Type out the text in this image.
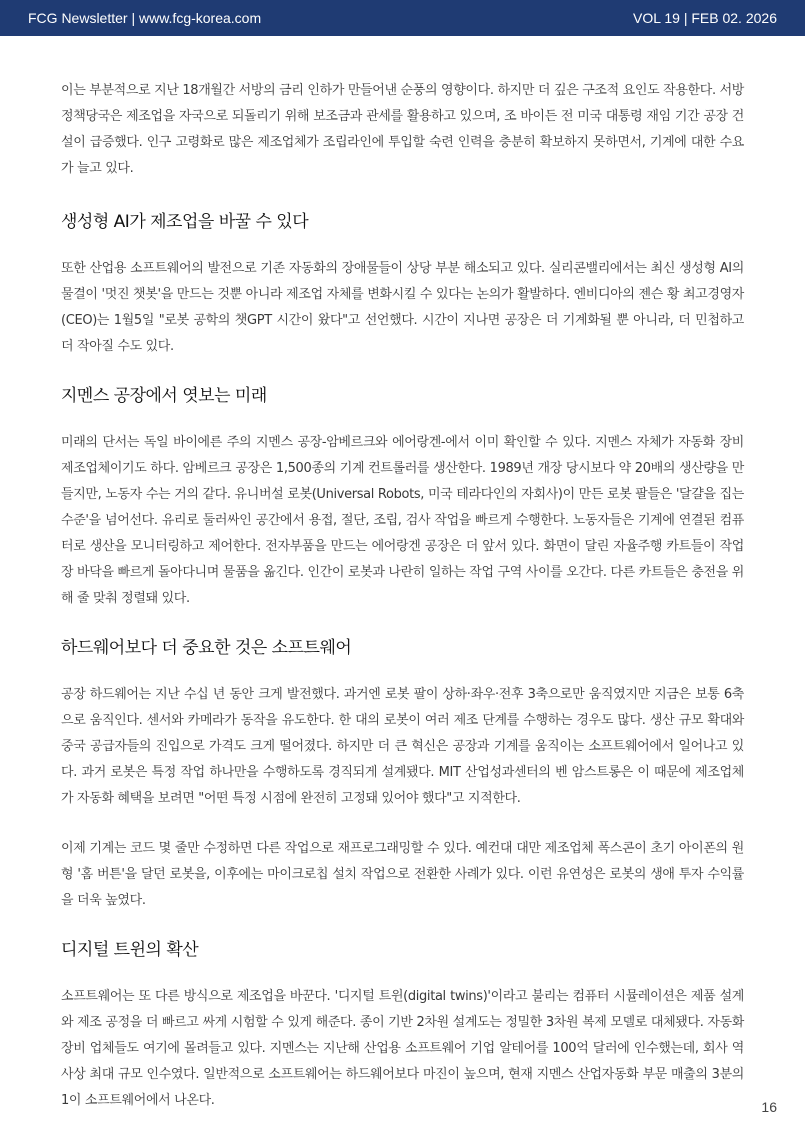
FCG Newsletter | www.fcg-korea.com	VOL 19 | FEB 02. 2026

이는 부분적으로 지난 18개월간 서방의 금리 인하가 만들어낸 순풍의 영향이다. 하지만 더 깊은 구조적 요인도 작용한다. 서방 정책당국은 제조업을 자국으로 되돌리기 위해 보조금과 관세를 활용하고 있으며, 조 바이든 전 미국 대통령 재임 기간 공장 건설이 급증했다. 인구 고령화로 많은 제조업체가 조립라인에 투입할 숙련 인력을 충분히 확보하지 못하면서, 기계에 대한 수요가 늘고 있다.

생성형 AI가 제조업을 바꿀 수 있다

또한 산업용 소프트웨어의 발전으로 기존 자동화의 장애물들이 상당 부분 해소되고 있다. 실리콘밸리에서는 최신 생성형 AI의 물결이 '멋진 챗봇'을 만드는 것뿐 아니라 제조업 자체를 변화시킬 수 있다는 논의가 활발하다. 엔비디아의 젠슨 황 최고경영자(CEO)는 1월5일 "로봇 공학의 챗GPT 시간이 왔다"고 선언했다. 시간이 지나면 공장은 더 기계화될 뿐 아니라, 더 민첩하고 더 작아질 수도 있다.

지멘스 공장에서 엿보는 미래

미래의 단서는 독일 바이에른 주의 지멘스 공장-암베르크와 에어랑겐-에서 이미 확인할 수 있다. 지멘스 자체가 자동화 장비 제조업체이기도 하다. 암베르크 공장은 1,500종의 기계 컨트롤러를 생산한다. 1989년 개장 당시보다 약 20배의 생산량을 만들지만, 노동자 수는 거의 같다. 유니버설 로봇(Universal Robots, 미국 테라다인의 자회사)이 만든 로봇 팔들은 '달걀을 집는 수준'을 넘어선다. 유리로 둘러싸인 공간에서 용접, 절단, 조립, 검사 작업을 빠르게 수행한다. 노동자들은 기계에 연결된 컴퓨터로 생산을 모니터링하고 제어한다. 전자부품을 만드는 에어랑겐 공장은 더 앞서 있다. 화면이 달린 자율주행 카트들이 작업장 바닥을 빠르게 돌아다니며 물품을 옮긴다. 인간이 로봇과 나란히 일하는 작업 구역 사이를 오간다. 다른 카트들은 충전을 위해 줄 맞춰 정렬돼 있다.

하드웨어보다 더 중요한 것은 소프트웨어

공장 하드웨어는 지난 수십 년 동안 크게 발전했다. 과거엔 로봇 팔이 상하·좌우·전후 3축으로만 움직였지만 지금은 보통 6축으로 움직인다. 센서와 카메라가 동작을 유도한다. 한 대의 로봇이 여러 제조 단계를 수행하는 경우도 많다. 생산 규모 확대와 중국 공급자들의 진입으로 가격도 크게 떨어졌다. 하지만 더 큰 혁신은 공장과 기계를 움직이는 소프트웨어에서 일어나고 있다. 과거 로봇은 특정 작업 하나만을 수행하도록 경직되게 설계됐다. MIT 산업성과센터의 벤 암스트롱은 이 때문에 제조업체가 자동화 혜택을 보려면 "어떤 특정 시점에 완전히 고정돼 있어야 했다"고 지적한다.

이제 기계는 코드 몇 줄만 수정하면 다른 작업으로 재프로그래밍할 수 있다. 예컨대 대만 제조업체 폭스콘이 초기 아이폰의 원형 '홈 버튼'을 달던 로봇을, 이후에는 마이크로칩 설치 작업으로 전환한 사례가 있다. 이런 유연성은 로봇의 생애 투자 수익률을 더욱 높였다.

디지털 트윈의 확산

소프트웨어는 또 다른 방식으로 제조업을 바꾼다. '디지털 트윈(digital twins)'이라고 불리는 컴퓨터 시뮬레이션은 제품 설계와 제조 공정을 더 빠르고 싸게 시험할 수 있게 해준다. 종이 기반 2차원 설계도는 정밀한 3차원 복제 모델로 대체됐다. 자동화 장비 업체들도 여기에 몰려들고 있다. 지멘스는 지난해 산업용 소프트웨어 기업 알테어를 100억 달러에 인수했는데, 회사 역사상 최대 규모 인수였다. 일반적으로 소프트웨어는 하드웨어보다 마진이 높으며, 현재 지멘스 산업자동화 부문 매출의 3분의 1이 소프트웨어에서 나온다.	16
